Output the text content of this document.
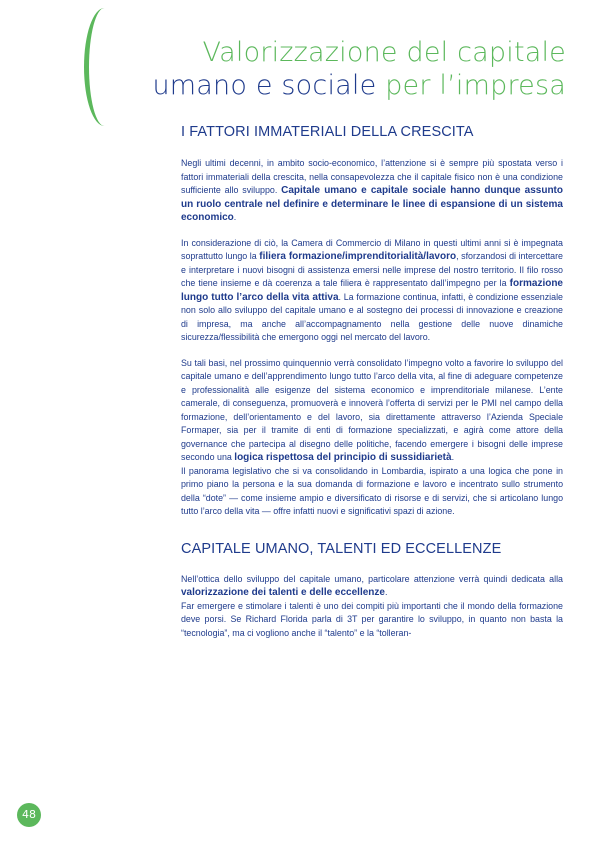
Valorizzazione del capitale
umano e sociale per l’impresa
I FATTORI IMMATERIALI DELLA CRESCITA

Negli ultimi decenni, in ambito socio-economico, l’attenzione si è sempre più spostata verso i fattori immateriali della crescita, nella consapevolezza che il capitale fisico non è una condizione sufficiente allo sviluppo. Capitale umano e capitale sociale hanno dunque assunto un ruolo centrale nel definire e determinare le linee di espansione di un sistema economico.

In considerazione di ciò, la Camera di Commercio di Milano in questi ultimi anni si è impegnata soprattutto lungo la filiera formazione/imprenditorialità/lavoro, sforzandosi di intercettare e interpretare i nuovi bisogni di assistenza emersi nelle imprese del nostro territorio. Il filo rosso che tiene insieme e dà coerenza a tale filiera è rappresentato dall’impegno per la formazione lungo tutto l’arco della vita attiva. La formazione continua, infatti, è condizione essenziale non solo allo sviluppo del capitale umano e al sostegno dei processi di innovazione e creazione di impresa, ma anche all’accompagnamento nella gestione delle nuove dinamiche sicurezza/flessibilità che emergono oggi nel mercato del lavoro.

Su tali basi, nel prossimo quinquennio verrà consolidato l’impegno volto a favorire lo sviluppo del capitale umano e dell’apprendimento lungo tutto l’arco della vita, al fine di adeguare competenze e professionalità alle esigenze del sistema economico e imprenditoriale milanese. L’ente camerale, di conseguenza, promuoverà e innoverà l’offerta di servizi per le PMI nel campo della formazione, dell’orientamento e del lavoro, sia direttamente attraverso l’Azienda Speciale Formaper, sia per il tramite di enti di formazione specializzati, e agirà come attore della governance che partecipa al disegno delle politiche, facendo emergere i bisogni delle imprese secondo una logica rispettosa del principio di sussidiarietà.

Il panorama legislativo che si va consolidando in Lombardia, ispirato a una logica che pone in primo piano la persona e la sua domanda di formazione e lavoro e incentrato sullo strumento della “dote” — come insieme ampio e diversificato di risorse e di servizi, che si articolano lungo tutto l’arco della vita — offre infatti nuovi e significativi spazi di azione.

CAPITALE UMANO, TALENTI ED ECCELLENZE

Nell’ottica dello sviluppo del capitale umano, particolare attenzione verrà quindi dedicata alla valorizzazione dei talenti e delle eccellenze.

Far emergere e stimolare i talenti è uno dei compiti più importanti che il mondo della formazione deve porsi. Se Richard Florida parla di 3T per garantire lo sviluppo, in quanto non basta la “tecnologia”, ma ci vogliono anche il “talento” e la “tolleran-

48
